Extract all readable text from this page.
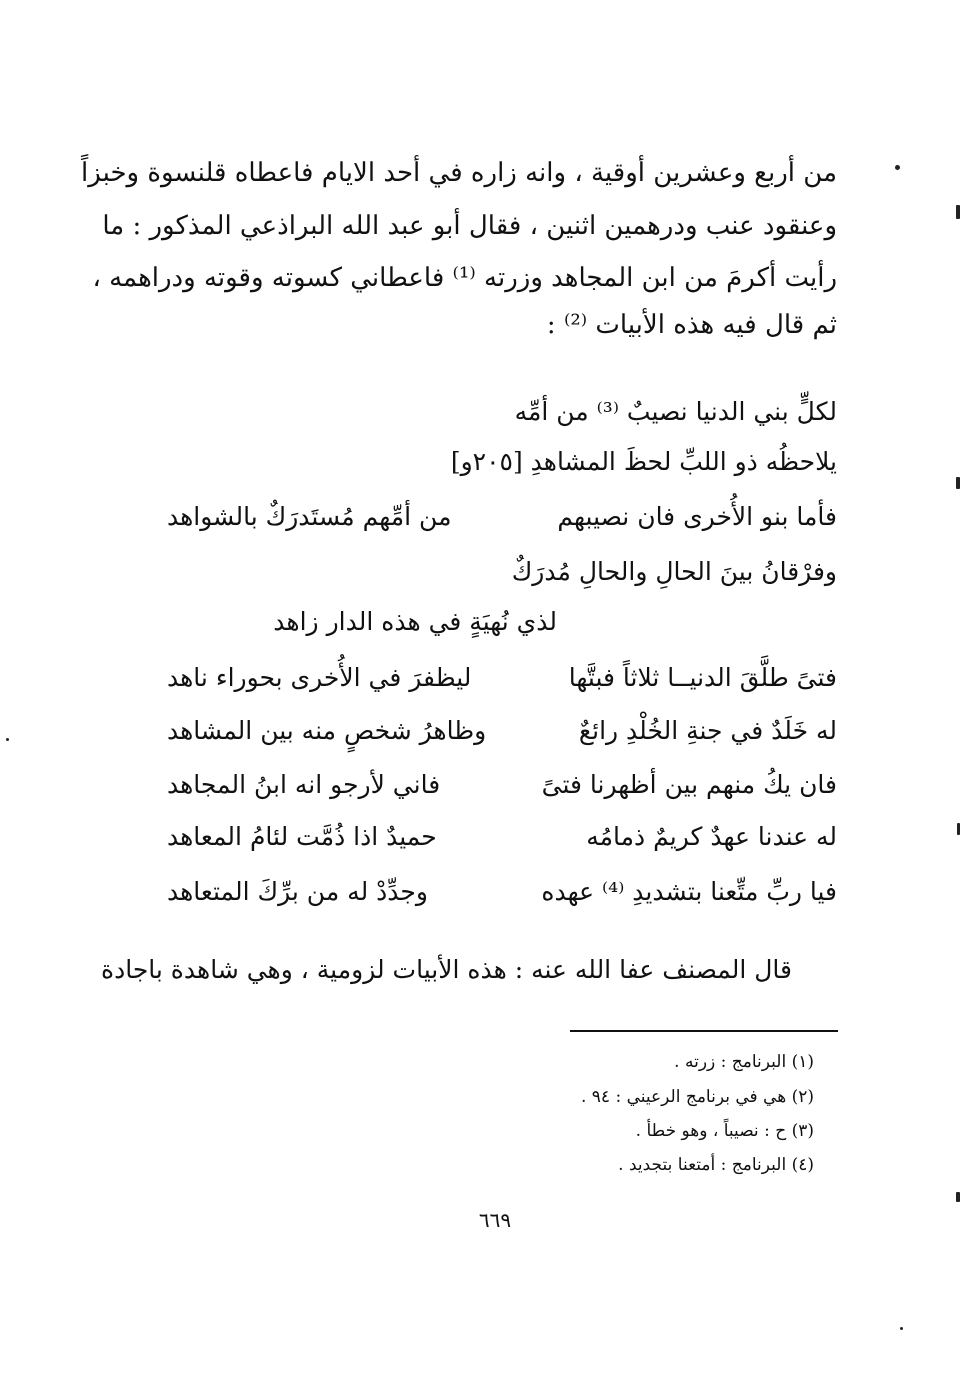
من أربع وعشرين أوقية ، وانه زاره في أحد الايام فاعطاه قلنسوة وخبزاً
وعنقود عنب ودرهمين اثنين ، فقال أبو عبد الله البراذعي المذكور : ما
رأيت أكرمَ من ابن المجاهد وزرته ⁽¹⁾ فاعطاني كسوته وقوته ودراهمه ،
ثم قال فيه هذه الأبيات ⁽²⁾ :
لكلٍّ بني الدنيا نصيبٌ ⁽³⁾ من أمِّه
يلاحظُه ذو اللبِّ لحظَ المشاهدِ [٢٠٥و]
فأما بنو الأُخرى فان نصيبهم
من أمِّهم مُستَدرَكٌ بالشواهد
وفرْقانُ بينَ الحالِ والحالِ مُدرَكٌ
لذي نُهيَةٍ في هذه الدار زاهد
فتىً طلَّقَ الدنيــا ثلاثاً فبتَّها
ليظفرَ في الأُخرى بحوراء ناهد
له خَلَدٌ في جنةِ الخُلْدِ رائعٌ
وظاهرُ شخصٍ منه بين المشاهد
فان يكُ منهم بين أظهرنا فتىً
فاني لأرجو انه ابنُ المجاهد
له عندنا عهدٌ كريمٌ ذمامُه
حميدٌ اذا ذُمَّت لئامُ المعاهد
فيا ربِّ متِّعنا بتشديدِ ⁽⁴⁾ عهده
وجدِّدْ له من برِّكَ المتعاهد
قال المصنف عفا الله عنه : هذه الأبيات لزومية ، وهي شاهدة باجادة
(١) البرنامج : زرته .
(٢) هي في برنامج الرعيني : ٩٤ .
(٣) ح : نصيباً ، وهو خطأ .
(٤) البرنامج : أمتعنا بتجديد .
٦٦٩
